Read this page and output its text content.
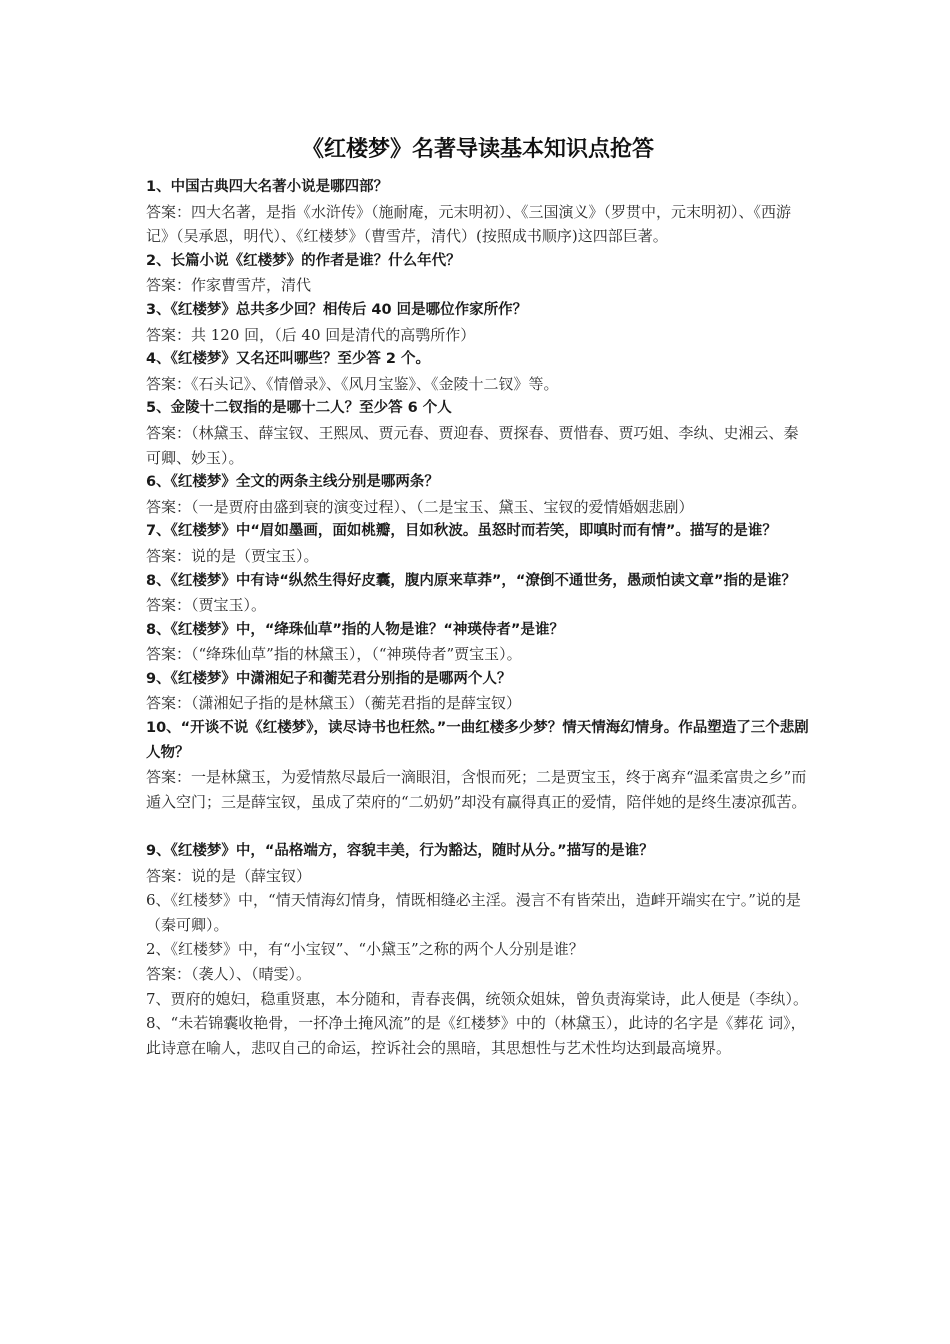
《红楼梦》名著导读基本知识点抢答

1、中国古典四大名著小说是哪四部？

答案：四大名著，是指《水浒传》（施耐庵，元末明初）、《三国演义》（罗贯中，元末明初）、《西游记》（吴承恩，明代）、《红楼梦》（曹雪芹，清代）(按照成书顺序)这四部巨著。

2、长篇小说《红楼梦》的作者是谁？什么年代？

答案：作家曹雪芹，清代

3、《红楼梦》总共多少回？相传后 40 回是哪位作家所作？

答案：共 120 回，（后 40 回是清代的高鹗所作）

4、《红楼梦》又名还叫哪些？至少答 2 个。

答案：《石头记》、《情僧录》、《风月宝鉴》、《金陵十二钗》等。

5、金陵十二钗指的是哪十二人？至少答 6 个人

答案：（林黛玉、薛宝钗、王熙凤、贾元春、贾迎春、贾探春、贾惜春、贾巧姐、李纨、史湘云、秦可卿、妙玉）。

6、《红楼梦》全文的两条主线分别是哪两条？

答案：（一是贾府由盛到衰的演变过程）、（二是宝玉、黛玉、宝钗的爱情婚姻悲剧）

7、《红楼梦》中“眉如墨画，面如桃瓣，目如秋波。虽怒时而若笑，即嗔时而有情”。描写的是谁？

答案：说的是（贾宝玉）。

8、《红楼梦》中有诗“纵然生得好皮囊，腹内原来草莽”，“潦倒不通世务，愚顽怕读文章”指的是谁？

答案：（贾宝玉）。

8、《红楼梦》中，“绛珠仙草”指的人物是谁？“神瑛侍者”是谁？

答案：（“绛珠仙草”指的林黛玉），（“神瑛侍者”贾宝玉）。

9、《红楼梦》中潇湘妃子和蘅芜君分别指的是哪两个人？

答案：（潇湘妃子指的是林黛玉）（蘅芜君指的是薛宝钗）

10、“开谈不说《红楼梦》，读尽诗书也枉然。”一曲红楼多少梦？情天情海幻情身。作品塑造了三个悲剧人物？

答案：一是林黛玉，为爱情熬尽最后一滴眼泪，含恨而死；二是贾宝玉，终于离弃“温柔富贵之乡”而遁入空门；三是薛宝钗，虽成了荣府的“二奶奶”却没有赢得真正的爱情，陪伴她的是终生凄凉孤苦。

9、《红楼梦》中，“品格端方，容貌丰美，行为豁达，随时从分。”描写的是谁？

答案：说的是（薛宝钗）

6、《红楼梦》中，“情天情海幻情身，情既相缝必主淫。漫言不有皆荣出，造衅开端实在宁。”说的是（秦可卿）。

2、《红楼梦》中，有“小宝钗”、“小黛玉”之称的两个人分别是谁？

答案：（袭人）、（晴雯）。

7、贾府的媳妇，稳重贤惠，本分随和，青春丧偶，统领众姐妹，曾负责海棠诗，此人便是（李纨）。

8、“未若锦囊收艳骨，一抔净土掩风流”的是《红楼梦》中的（林黛玉），此诗的名字是《葬花 词》，此诗意在喻人，悲叹自己的命运，控诉社会的黑暗，其思想性与艺术性均达到最高境界。
